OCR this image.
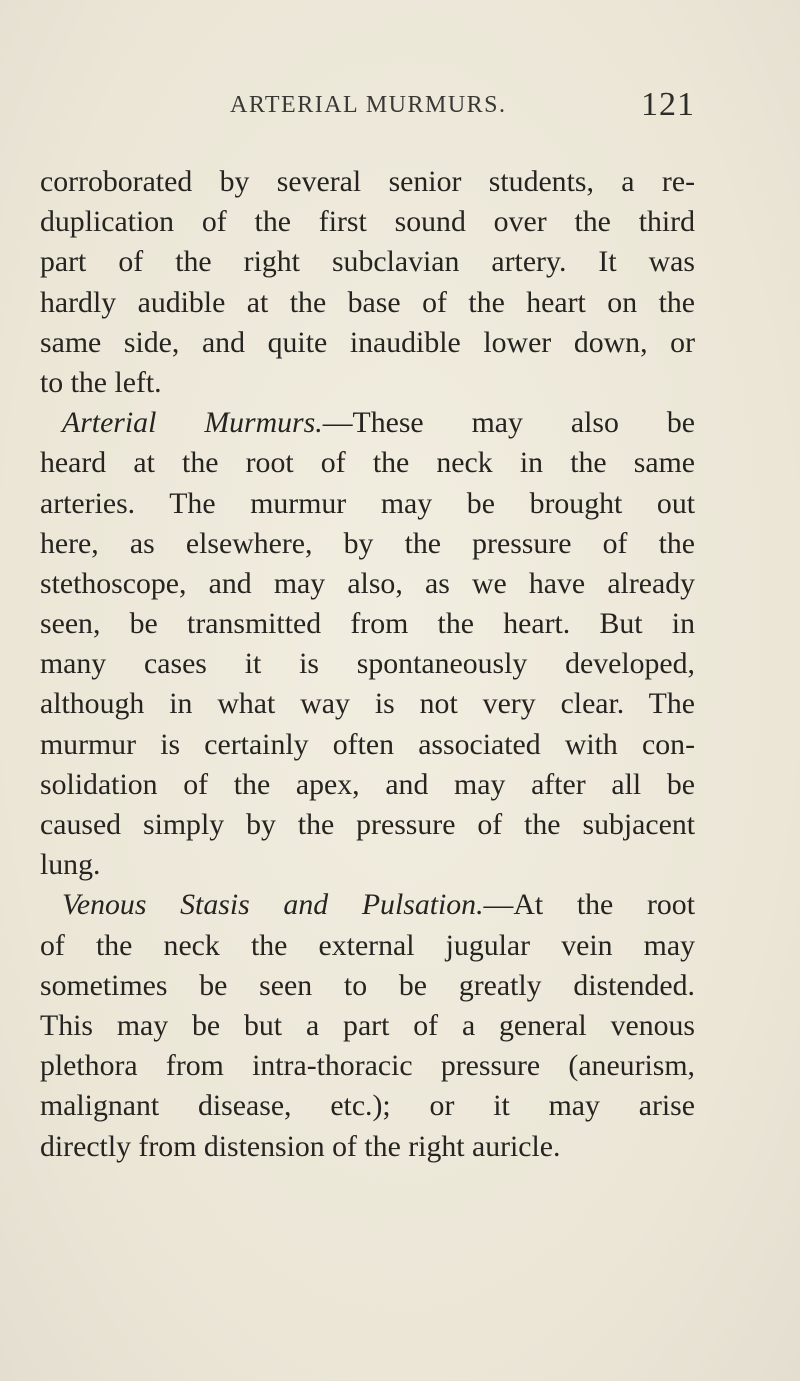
ARTERIAL MURMURS.	121
corroborated by several senior students, a re-
duplication of the first sound over the third
part of the right subclavian artery. It was
hardly audible at the base of the heart on the
same side, and quite inaudible lower down, or
to the left.
Arterial Murmurs.—These may also be
heard at the root of the neck in the same
arteries. The murmur may be brought out
here, as elsewhere, by the pressure of the
stethoscope, and may also, as we have already
seen, be transmitted from the heart. But in
many cases it is spontaneously developed,
although in what way is not very clear. The
murmur is certainly often associated with con-
solidation of the apex, and may after all be
caused simply by the pressure of the subjacent
lung.
Venous Stasis and Pulsation.—At the root
of the neck the external jugular vein may
sometimes be seen to be greatly distended.
This may be but a part of a general venous
plethora from intra-thoracic pressure (aneurism,
malignant disease, etc.); or it may arise
directly from distension of the right auricle.
